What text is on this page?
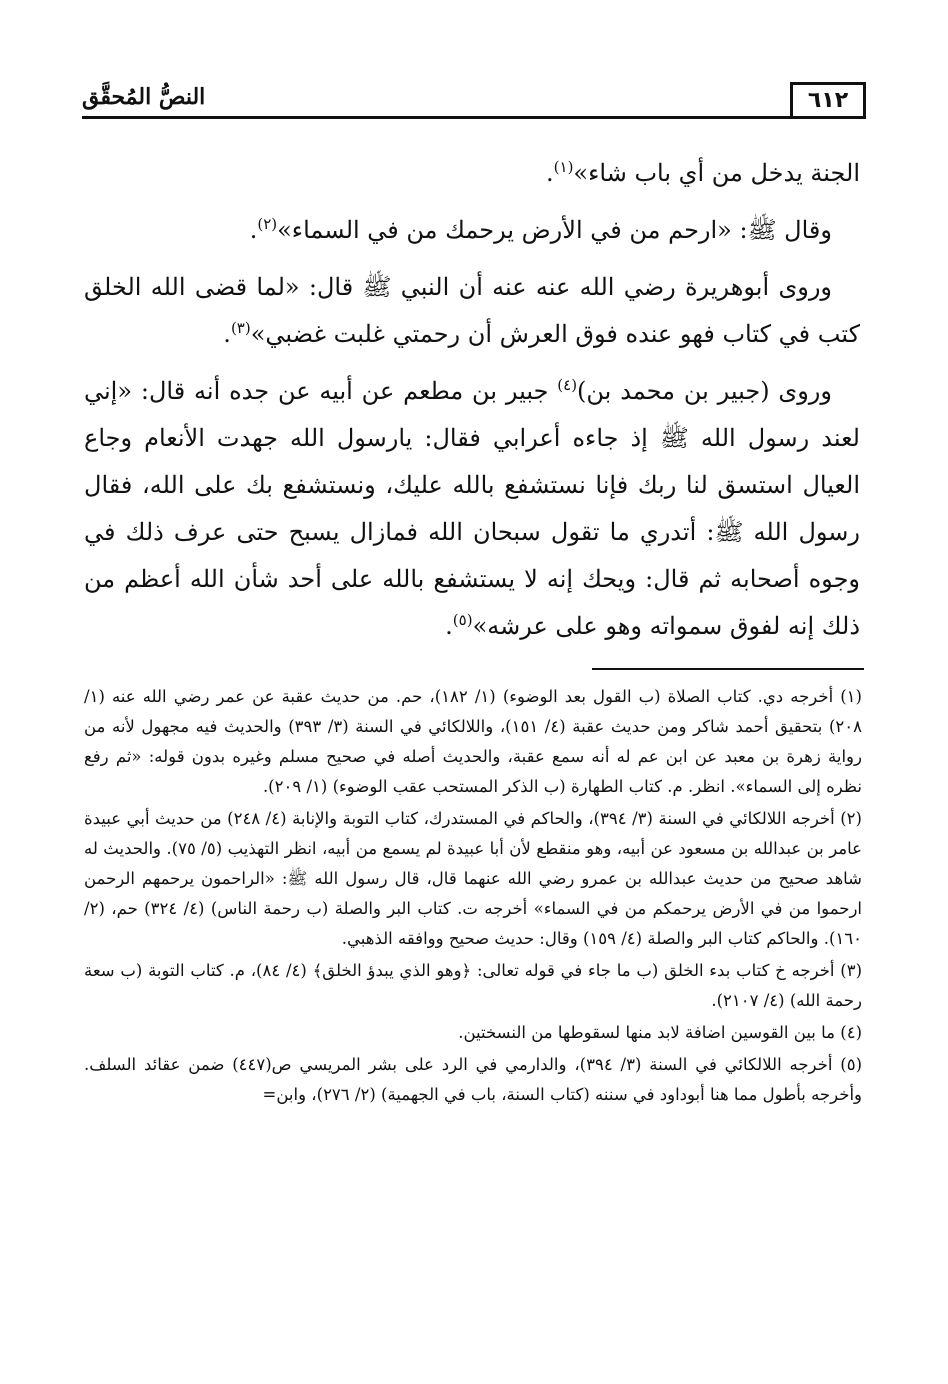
٦١٢
النصُّ المُحقَّق

الجنة يدخل من أي باب شاء»$^{(١)}$.

وقال ﷺ: «ارحم من في الأرض يرحمك من في السماء»$^{(٢)}$.

وروى أبوهريرة رضي الله عنه عنه أن النبي ﷺ قال: «لما قضى الله الخلق كتب في كتاب فهو عنده فوق العرش أن رحمتي غلبت غضبي»$^{(٣)}$.

وروى (جبير بن محمد بن)$^{(٤)}$ جبير بن مطعم عن أبيه عن جده أنه قال: «إني لعند رسول الله ﷺ إذ جاءه أعرابي فقال: يارسول الله جهدت الأنعام وجاع العيال استسق لنا ربك فإنا نستشفع بالله عليك، ونستشفع بك على الله، فقال رسول الله ﷺ: أتدري ما تقول سبحان الله فمازال يسبح حتى عرف ذلك في وجوه أصحابه ثم قال: ويحك إنه لا يستشفع بالله على أحد شأن الله أعظم من ذلك إنه لفوق سمواته وهو على عرشه»$^{(٥)}$.

(١) أخرجه دي. كتاب الصلاة (ب القول بعد الوضوء) (١/ ١٨٢)، حم. من حديث عقبة عن عمر رضي الله عنه (١/ ٢٠٨) بتحقيق أحمد شاكر ومن حديث عقبة (٤/ ١٥١)، واللالكائي في السنة (٣/ ٣٩٣) والحديث فيه مجهول لأنه من رواية زهرة بن معبد عن ابن عم له أنه سمع عقبة، والحديث أصله في صحيح مسلم وغيره بدون قوله: «ثم رفع نظره إلى السماء». انظر. م. كتاب الطهارة (ب الذكر المستحب عقب الوضوء) (١/ ٢٠٩).

(٢) أخرجه اللالكائي في السنة (٣/ ٣٩٤)، والحاكم في المستدرك، كتاب التوبة والإنابة (٤/ ٢٤٨) من حديث أبي عبيدة عامر بن عبدالله بن مسعود عن أبيه، وهو منقطع لأن أبا عبيدة لم يسمع من أبيه، انظر التهذيب (٥/ ٧٥). والحديث له شاهد صحيح من حديث عبدالله بن عمرو رضي الله عنهما قال، قال رسول الله ﷺ: «الراحمون يرحمهم الرحمن ارحموا من في الأرض يرحمكم من في السماء» أخرجه ت. كتاب البر والصلة (ب رحمة الناس) (٤/ ٣٢٤) حم، (٢/ ١٦٠). والحاكم كتاب البر والصلة (٤/ ١٥٩) وقال: حديث صحيح ووافقه الذهبي.

(٣) أخرجه خ كتاب بدء الخلق (ب ما جاء في قوله تعالى: ﴿وهو الذي يبدؤ الخلق﴾ (٤/ ٨٤)، م. كتاب التوبة (ب سعة رحمة الله) (٤/ ٢١٠٧).

(٤) ما بين القوسين اضافة لابد منها لسقوطها من النسختين.

(٥) أخرجه اللالكائي في السنة (٣/ ٣٩٤)، والدارمي في الرد على بشر المريسي ص(٤٤٧) ضمن عقائد السلف. وأخرجه بأطول مما هنا أبوداود في سننه (كتاب السنة، باب في الجهمية) (٢/ ٢٧٦)، وابن=
